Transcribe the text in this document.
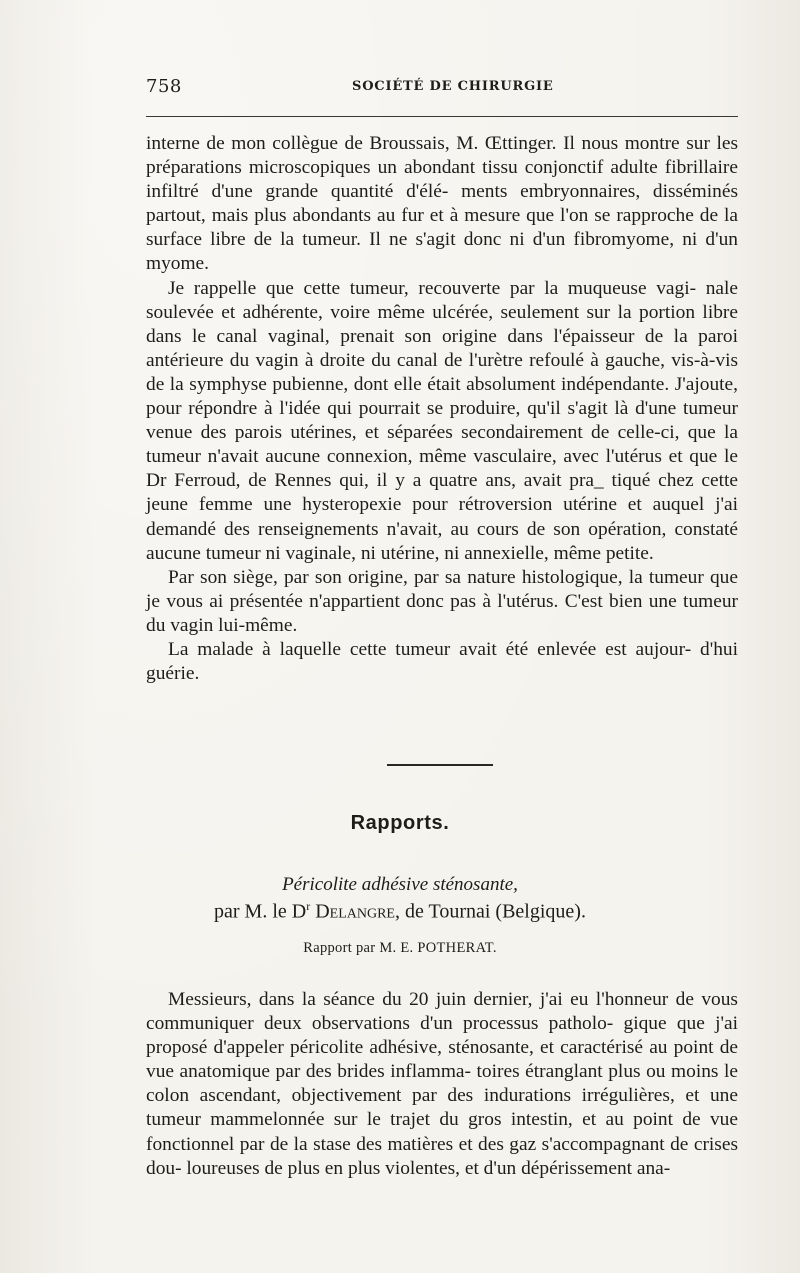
758	SOCIÉTÉ DE CHIRURGIE

interne de mon collègue de Broussais, M. Œttinger. Il nous montre sur les préparations microscopiques un abondant tissu conjonctif adulte fibrillaire infiltré d'une grande quantité d'élé- ments embryonnaires, disséminés partout, mais plus abondants au fur et à mesure que l'on se rapproche de la surface libre de la tumeur. Il ne s'agit donc ni d'un fibromyome, ni d'un myome.

Je rappelle que cette tumeur, recouverte par la muqueuse vagi- nale soulevée et adhérente, voire même ulcérée, seulement sur la portion libre dans le canal vaginal, prenait son origine dans l'épaisseur de la paroi antérieure du vagin à droite du canal de l'urètre refoulé à gauche, vis-à-vis de la symphyse pubienne, dont elle était absolument indépendante. J'ajoute, pour répondre à l'idée qui pourrait se produire, qu'il s'agit là d'une tumeur venue des parois utérines, et séparées secondairement de celle-ci, que la tumeur n'avait aucune connexion, même vasculaire, avec l'utérus et que le Dr Ferroud, de Rennes qui, il y a quatre ans, avait pra_ tiqué chez cette jeune femme une hysteropexie pour rétroversion utérine et auquel j'ai demandé des renseignements n'avait, au cours de son opération, constaté aucune tumeur ni vaginale, ni utérine, ni annexielle, même petite.

Par son siège, par son origine, par sa nature histologique, la tumeur que je vous ai présentée n'appartient donc pas à l'utérus. C'est bien une tumeur du vagin lui-même.

La malade à laquelle cette tumeur avait été enlevée est aujour- d'hui guérie.

Rapports.
Péricolite adhésive sténosante,
par M. le $D^r$ Delangre, de Tournai (Belgique).
Rapport par M. E. POTHERAT.

Messieurs, dans la séance du 20 juin dernier, j'ai eu l'honneur de vous communiquer deux observations d'un processus patholo- gique que j'ai proposé d'appeler péricolite adhésive, sténosante, et caractérisé au point de vue anatomique par des brides inflamma- toires étranglant plus ou moins le colon ascendant, objectivement par des indurations irrégulières, et une tumeur mammelonnée sur le trajet du gros intestin, et au point de vue fonctionnel par de la stase des matières et des gaz s'accompagnant de crises dou- loureuses de plus en plus violentes, et d'un dépérissement ana-
